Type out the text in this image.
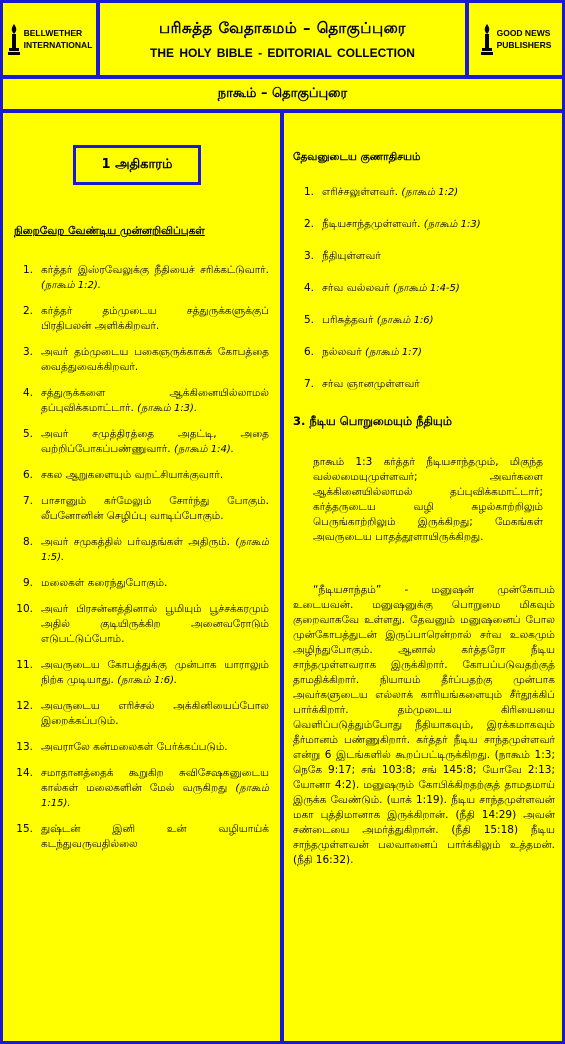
BELLWETHER
INTERNATIONAL
பரிசுத்த வேதாகமம் – தொகுப்புரை
THE HOLY BIBLE - EDITORIAL COLLECTION
GOOD NEWS
PUBLISHERS
நாகூம் – தொகுப்புரை
1 அதிகாரம்
நிறைவேற வேண்டிய முன்னறிவிப்புகள்
1. கர்த்தர் இஸ்ரவேலுக்கு நீதியைச் சரிக்கட்டுவார். (நாகூம் 1:2).
2. கர்த்தர் தம்முடைய சத்துருக்களுக்குப் பிரதிபலன் அளிக்கிறவர்.
3. அவர் தம்முடைய பகைஞருக்காகக் கோபத்தை வைத்துவைக்கிறவர்.
4. சத்துருக்களை ஆக்கினையில்லாமல் தப்புவிக்கமாட்டார். (நாகூம் 1:3).
5. அவர் சமுத்திரத்தை அதட்டி, அதை வற்றிப்போகப்பண்ணுவார். (நாகூம் 1:4).
6. சகல ஆறுகளையும் வறட்சியாக்குவார்.
7. பாசானும் கர்மேலும் சோர்ந்து போகும். லீபனோனின் செழிப்பு வாடிப்போகும்.
8. அவர் சமுகத்தில் பர்வதங்கள் அதிரும். (நாகூம் 1:5).
9. மலைகள் கரைந்துபோகும்.
10. அவர் பிரசன்னத்தினால் பூமியும் பூச்சக்கரமும் அதில் குடியிருக்கிற அனைவரோடும் எடுபட்டுப்போம்.
11. அவருடைய கோபத்துக்கு முன்பாக யாராலும் நிற்க முடியாது. (நாகூம் 1:6).
12. அவருடைய எரிச்சல் அக்கினியைப்போல இறைக்கப்படும்.
13. அவராலே கன்மலைகள் பேர்க்கப்படும்.
14. சமாதானத்தைக் கூறுகிற சுவிசேஷகனுடைய கால்கள் மலைகளின் மேல் வருகிறது (நாகூம் 1:15).
15. துஷ்டன் இனி உன் வழியாய்க் கடந்துவருவதில்லை
தேவனுடைய குணாதிசயம்
1. எரிச்சலுள்ளவர். (நாகூம் 1:2)
2. நீடியசாந்தமுள்ளவர். (நாகூம் 1:3)
3. நீதியுள்ளவர்
4. சர்வ வல்லவர் (நாகூம் 1:4-5)
5. பரிசுத்தவர் (நாகூம் 1:6)
6. நல்லவர் (நாகூம் 1:7)
7. சர்வ ஞானமுள்ளவர்
3. நீடிய பொறுமையும் நீதியும்
நாகூம் 1:3 கர்த்தர் நீடியசாந்தமும், மிகுந்த வல்லமையுமுள்ளவர்; அவர்களை ஆக்கினையில்லாமல் தப்புவிக்கமாட்டார்; கர்த்தருடைய வழி சுழல்காற்றிலும் பெருங்காற்றிலும் இருக்கிறது; மேகங்கள் அவருடைய பாதத்தூளாயிருக்கிறது.
“நீடியசாந்தம்” - மனுஷன் முன்கோபம் உடையவன். மனுஷனுக்கு பொறுமை மிகவும் குறைவாகவே உள்ளது. தேவனும் மனுஷனைப் போல முன்கோபத்துடன் இருப்பாரென்றால் சர்வ உலகமும் அழிந்துபோகும். ஆனால் கர்த்தரோ நீடிய சாந்தமுள்ளவராக இருக்கிறார். கோபப்படுவதற்குத் தாமதிக்கிறார். நியாயம் தீர்ப்பதற்கு முன்பாக அவர்களுடைய எல்லாக் காரியங்களையும் சீர்தூக்கிப் பார்க்கிறார். தம்முடைய கிரியையை வெளிப்படுத்தும்போது நீதியாகவும், இரக்கமாகவும் தீர்மானம் பண்ணுகிறார். கர்த்தர் நீடிய சாந்தமுள்ளவர் என்று 6 இடங்களில் கூறப்பட்டிருக்கிறது. (நாகூம் 1:3; நெகே 9:17; சங் 103:8; சங் 145:8; யோவே 2:13; யோனா 4:2). மனுஷரும் கோபிக்கிறதற்குத் தாமதமாய் இருக்க வேண்டும். (யாக் 1:19). நீடிய சாந்தமுள்ளவன் மகா புத்திமானாக இருக்கிறான். (நீதி 14:29) அவன் சண்டையை அமர்த்துகிறான். (நீதி 15:18) நீடிய சாந்தமுள்ளவன் பலவானைப் பார்க்கிலும் உத்தமன். (நீதி 16:32).
